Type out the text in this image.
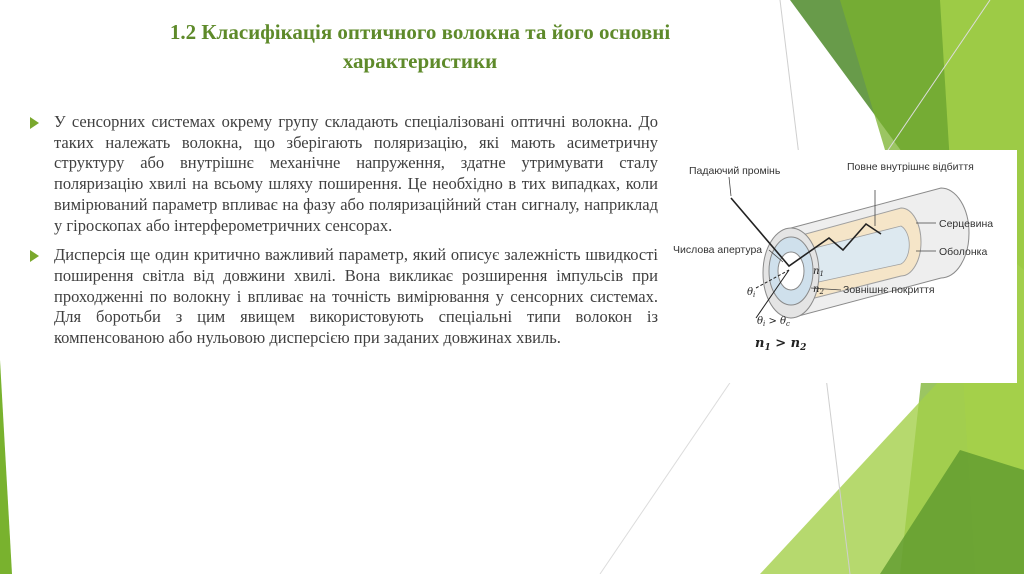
1.2 Класифікація оптичного волокна та його основні характеристики
У сенсорних системах окрему групу складають спеціалізовані оптичні волокна. До таких належать волокна, що зберігають поляризацію, які мають асиметричну структуру або внутрішнє механічне напруження, здатне утримувати сталу поляризацію хвилі на всьому шляху поширення. Це необхідно в тих випадках, коли вимірюваний параметр впливає на фазу або поляризаційний стан сигналу, наприклад у гіроскопах або інтерферометричних сенсорах.
Дисперсія ще один критично важливий параметр, який описує залежність швидкості поширення світла від довжини хвилі. Вона викликає розширення імпульсів при проходженні по волокну і впливає на точність вимірювання у сенсорних системах. Для боротьби з цим явищем використовують спеціальні типи волокон із компенсованою або нульовою дисперсією при заданих довжинах хвиль.
Падаючий промінь	Повне внутрішнє відбиття
Серцевина
Оболонка
Числова апертура
Зовнішнє покриття
$n_1$
$n_2$
$\theta_i$
$\theta_i > \theta_c$
$n_1 > n_2$
